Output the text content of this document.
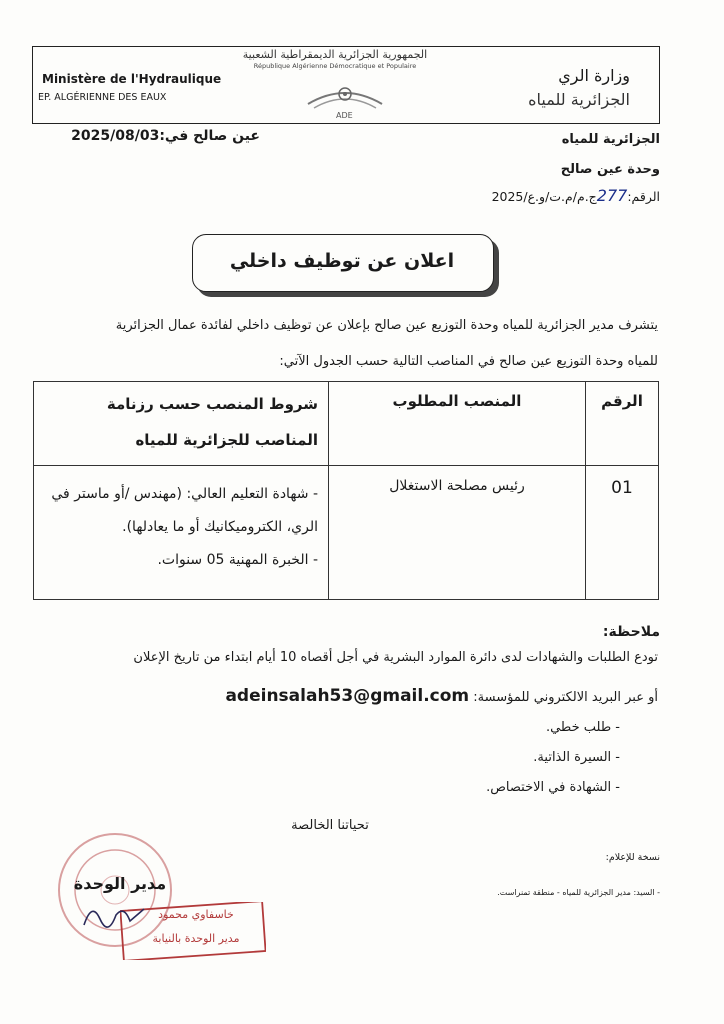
الجمهورية الجزائرية الديمقراطية الشعبية
République Algérienne Démocratique et Populaire
Ministère de l'Hydraulique
EP. ALGÉRIENNE DES EAUX
وزارة الري
الجزائرية للمياه
ADE
عين صالح في:2025/08/03	الجزائرية للمياه
وحدة عين صالح
الرقم:277ج.م/م.ت/و.ع/2025
اعلان عن توظيف داخلي
يتشرف مدير الجزائرية للمياه وحدة التوزيع عين صالح بإعلان عن توظيف داخلي لفائدة عمال الجزائرية
للمياه وحدة التوزيع عين صالح في المناصب التالية حسب الجدول الآتي:
الرقم	المنصب المطلوب	شروط المنصب حسب رزنامة المناصب للجزائرية للمياه
01	رئيس مصلحة الاستغلال	- شهادة التعليم العالي: (مهندس /أو ماستر في الري، الكتروميكانيك أو ما يعادلها).
- الخبرة المهنية 05 سنوات.
ملاحظة:
تودع الطلبات والشهادات لدى دائرة الموارد البشرية في أجل أقصاه 10 أيام ابتداء من تاريخ الإعلان
أو عبر البريد الالكتروني للمؤسسة: adeinsalah53@gmail.com
- طلب خطي.
- السيرة الذاتية.
- الشهادة في الاختصاص.
تحياتنا الخالصة
نسخة للإعلام:
- السيد: مدير الجزائرية للمياه - منطقة تمنراست.
مدير الوحدة
خاسفاوي محمود
مدير الوحدة بالنيابة
